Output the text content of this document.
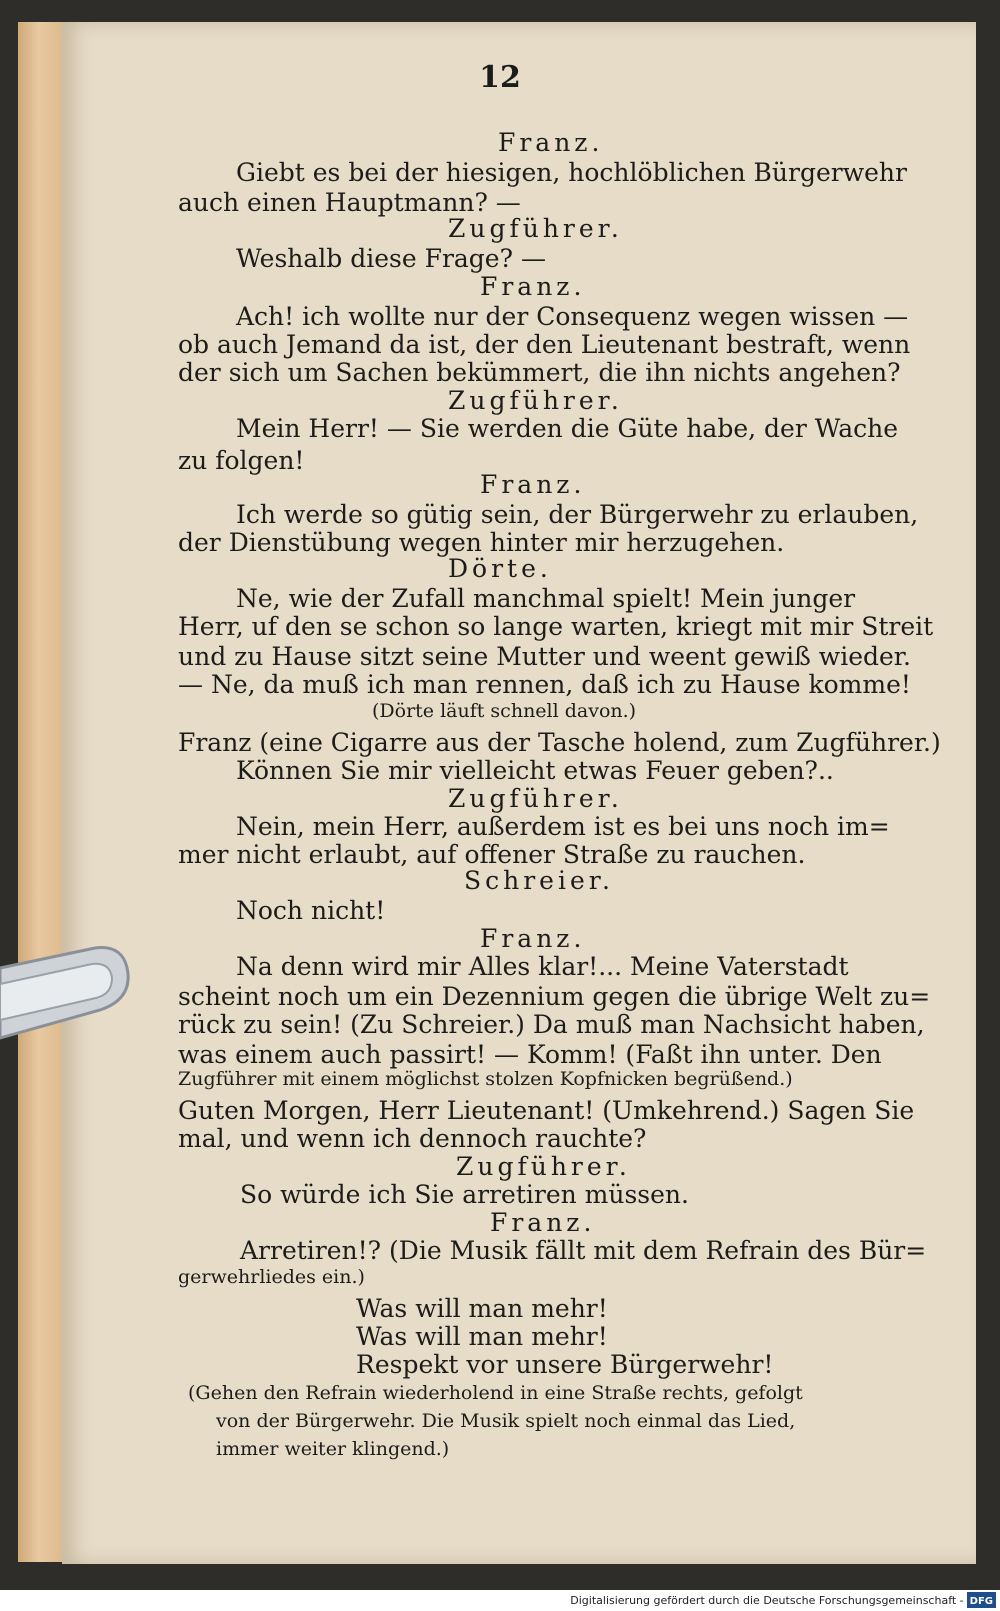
12
Franz.
Giebt es bei der hiesigen, hochlöblichen Bürgerwehr
auch einen Hauptmann? —
Zugführer.
Weshalb diese Frage? —
Franz.
Ach! ich wollte nur der Consequenz wegen wissen —
ob auch Jemand da ist, der den Lieutenant bestraft, wenn
der sich um Sachen bekümmert, die ihn nichts angehen?
Zugführer.
Mein Herr! — Sie werden die Güte habe, der Wache
zu folgen!
Franz.
Ich werde so gütig sein, der Bürgerwehr zu erlauben,
der Dienstübung wegen hinter mir herzugehen.
Dörte.
Ne, wie der Zufall manchmal spielt! Mein junger
Herr, uf den se schon so lange warten, kriegt mit mir Streit
und zu Hause sitzt seine Mutter und weent gewiß wieder.
— Ne, da muß ich man rennen, daß ich zu Hause komme!
(Dörte läuft schnell davon.)
Franz (eine Cigarre aus der Tasche holend, zum Zugführer.)
Können Sie mir vielleicht etwas Feuer geben?..
Zugführer.
Nein, mein Herr, außerdem ist es bei uns noch im=
mer nicht erlaubt, auf offener Straße zu rauchen.
Schreier.
Noch nicht!
Franz.
Na denn wird mir Alles klar!... Meine Vaterstadt
scheint noch um ein Dezennium gegen die übrige Welt zu=
rück zu sein! (Zu Schreier.) Da muß man Nachsicht haben,
was einem auch passirt! — Komm! (Faßt ihn unter. Den
Zugführer mit einem möglichst stolzen Kopfnicken begrüßend.)
Guten Morgen, Herr Lieutenant! (Umkehrend.) Sagen Sie
mal, und wenn ich dennoch rauchte?
Zugführer.
So würde ich Sie arretiren müssen.
Franz.
Arretiren!? (Die Musik fällt mit dem Refrain des Bür=
gerwehrliedes ein.)
Was will man mehr!
Was will man mehr!
Respekt vor unsere Bürgerwehr!
(Gehen den Refrain wiederholend in eine Straße rechts, gefolgt
von der Bürgerwehr. Die Musik spielt noch einmal das Lied,
immer weiter klingend.)
Digitalisierung gefördert durch die Deutsche Forschungsgemeinschaft - DFG
